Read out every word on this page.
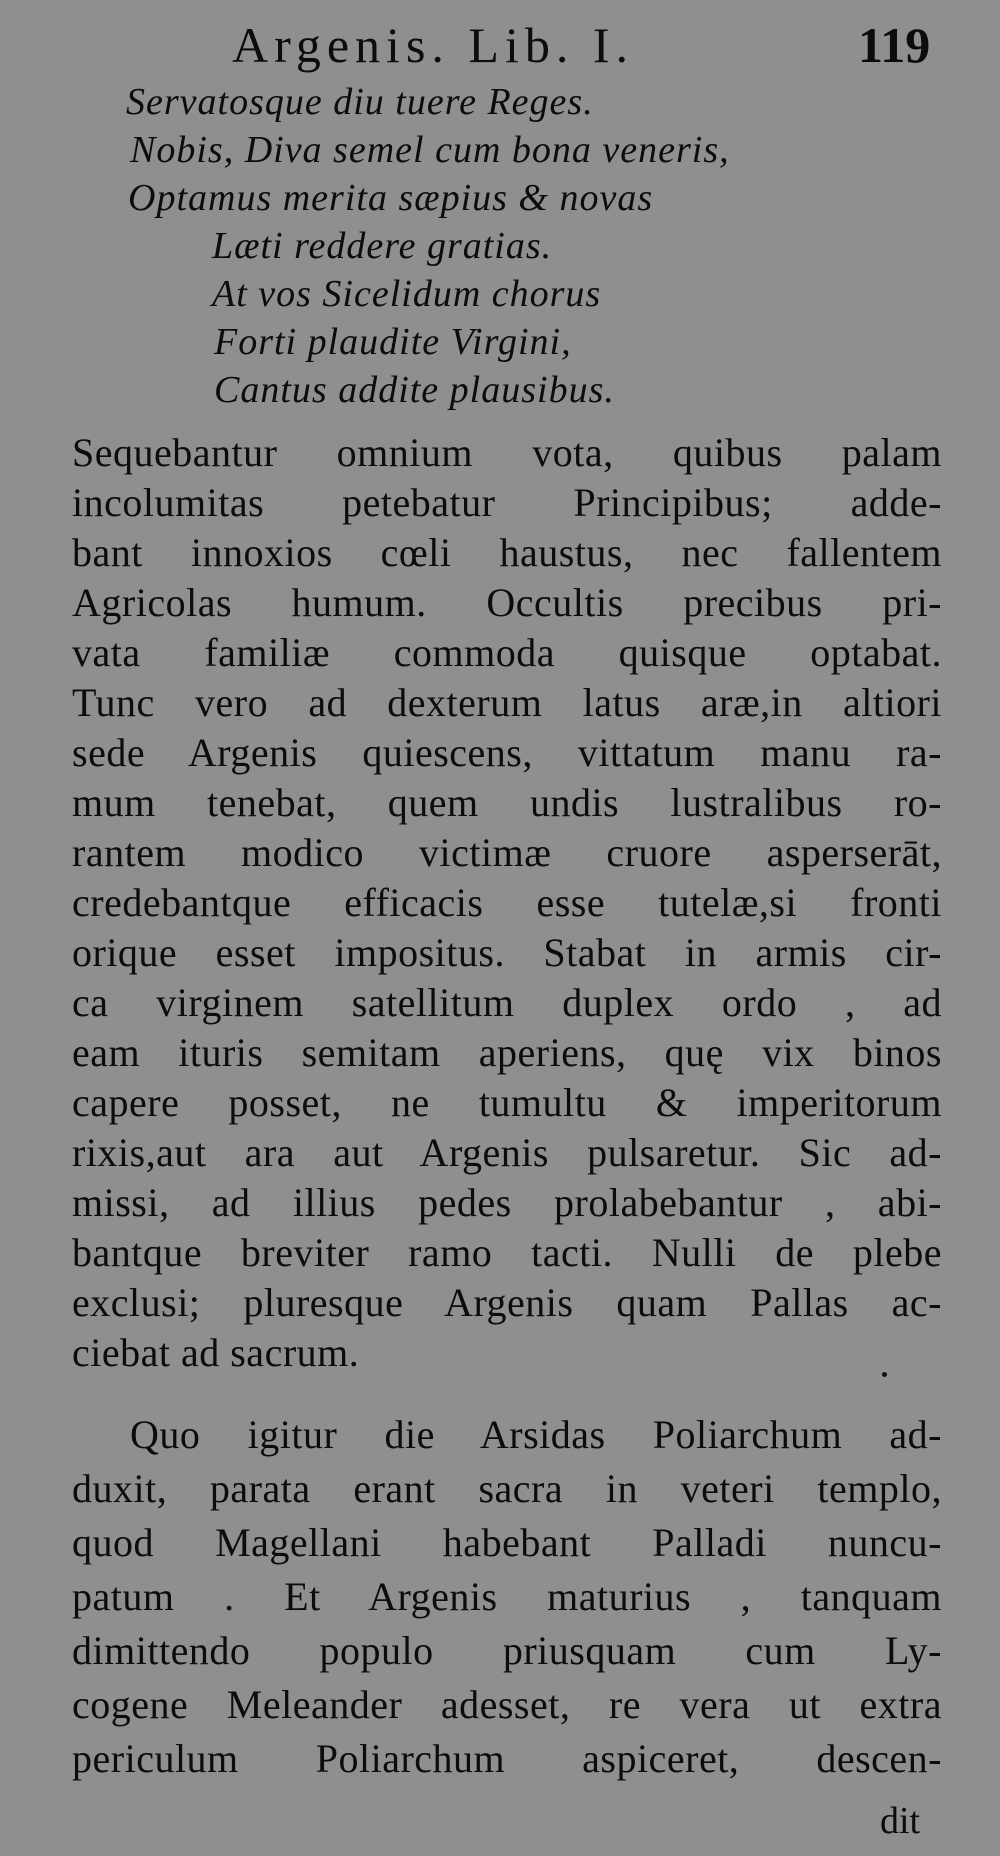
Argenis. Lib. I.	119
Servatosque diu tuere Reges.
Nobis, Diva semel cum bona veneris,
Optamus merita sæpius & novas
Læti reddere gratias.
At vos Sicelidum chorus
Forti plaudite Virgini,
Cantus addite plausibus.
Sequebantur omnium vota, quibus palam
incolumitas petebatur Principibus; adde-
bant innoxios cœli haustus, nec fallentem
Agricolas humum. Occultis precibus pri-
vata familiæ commoda quisque optabat.
Tunc vero ad dexterum latus aræ,in altiori
sede Argenis quiescens, vittatum manu ra-
mum tenebat, quem undis lustralibus ro-
rantem modico victimæ cruore asperserāt,
credebantque efficacis esse tutelæ,si fronti
orique esset impositus. Stabat in armis cir-
ca virginem satellitum duplex ordo , ad
eam ituris semitam aperiens, quę vix binos
capere posset, ne tumultu & imperitorum
rixis,aut ara aut Argenis pulsaretur. Sic ad-
missi, ad illius pedes prolabebantur , abi-
bantque breviter ramo tacti. Nulli de plebe
exclusi; pluresque Argenis quam Pallas ac-
ciebat ad sacrum.
Quo igitur die Arsidas Poliarchum ad-
duxit, parata erant sacra in veteri templo,
quod Magellani habebant Palladi nuncu-
patum . Et Argenis maturius , tanquam
dimittendo populo priusquam cum Ly-
cogene Meleander adesset, re vera ut extra
periculum Poliarchum aspiceret, descen-
dit
